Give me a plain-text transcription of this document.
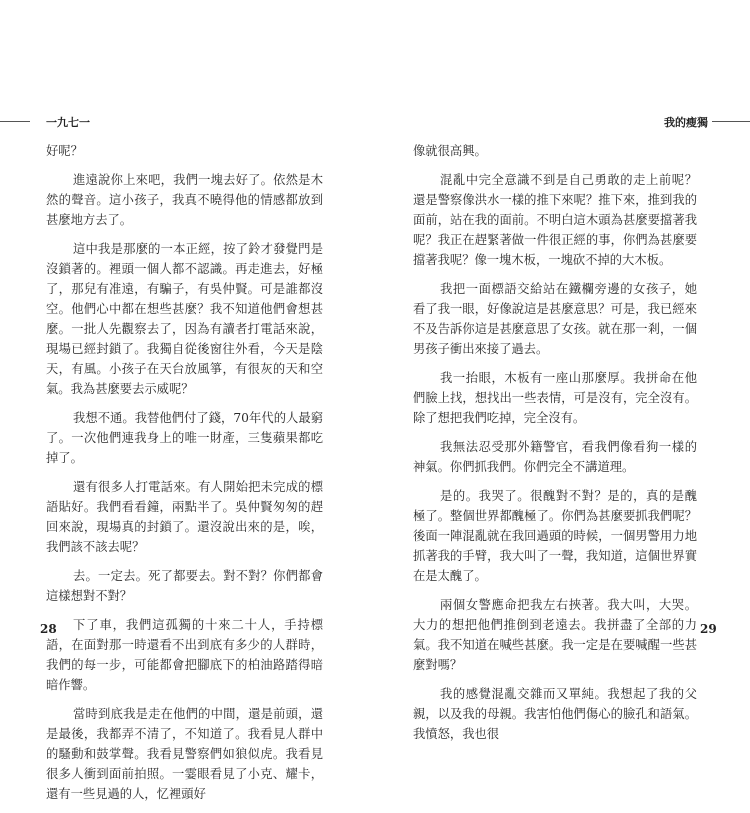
一九七一	我的瘦獨

好呢？

進遠說你上來吧，我們一塊去好了。依然是木然的聲音。這小孩子，我真不曉得他的情感都放到甚麼地方去了。

這中我是那麼的一本正經，按了鈴才發覺門是沒鎖著的。裡頭一個人都不認識。再走進去，好極了，那兒有准遠，有騙子，有吳仲賢。可是誰都沒空。他們心中都在想些甚麼？我不知道他們會想甚麼。一批人先觀察去了，因為有讀者打電話來說，現場已經封鎖了。我獨自從後窗往外看，今天是陰天，有風。小孩子在天台放風箏，有很灰的天和空氣。我為甚麼要去示威呢？

我想不通。我替他們付了錢，70年代的人最窮了。一次他們連我身上的唯一財產，三隻蘋果都吃掉了。

還有很多人打電話來。有人開始把未完成的標語貼好。我們看看鐘，兩點半了。吳仲賢匆匆的趕回來說，現場真的封鎖了。還沒說出來的是，唉，我們該不該去呢？

去。一定去。死了都要去。對不對？你們都會這樣想對不對？

下了車，我們這孤獨的十來二十人，手持標語，在面對那一時還看不出到底有多少的人群時，我們的每一步，可能都會把腳底下的柏油路踏得暗暗作響。

當時到底我是走在他們的中間，還是前頭，還是最後，我都弄不清了，不知道了。我看見人群中的騷動和鼓掌聲。我看見警察們如狼似虎。我看見很多人衝到面前拍照。一霎眼看見了小克、耀卡，還有一些見過的人，忆裡頭好

像就很高興。

混亂中完全意識不到是自己勇敢的走上前呢？還是警察像洪水一樣的推下來呢？推下來，推到我的面前，站在我的面前。不明白這木頭為甚麼要擋著我呢？我正在趕緊著做一件很正經的事，你們為甚麼要擋著我呢？像一塊木板，一塊砍不掉的大木板。

我把一面標語交給站在鐵欄旁邊的女孩子，她看了我一眼，好像說這是甚麼意思？可是，我已經來不及告訴你這是甚麼意思了女孩。就在那一剎，一個男孩子衝出來接了過去。

我一抬眼，木板有一座山那麼厚。我拼命在他們臉上找，想找出一些表情，可是沒有，完全沒有。除了想把我們吃掉，完全沒有。

我無法忍受那外籍警官，看我們像看狗一樣的神氣。你們抓我們。你們完全不講道理。

是的。我哭了。很醜對不對？是的，真的是醜極了。整個世界都醜極了。你們為甚麼要抓我們呢？後面一陣混亂就在我回過頭的時候，一個男警用力地抓著我的手臂，我大叫了一聲，我知道，這個世界實在是太醜了。

兩個女警應命把我左右挾著。我大叫，大哭。大力的想把他們推倒到老遠去。我拼盡了全部的力氣。我不知道在喊些甚麼。我一定是在要喊醒一些甚麼對嗎？

我的感覺混亂交雜而又單純。我想起了我的父親，以及我的母親。我害怕他們傷心的臉孔和語氣。我憤怒，我也很

28	29
